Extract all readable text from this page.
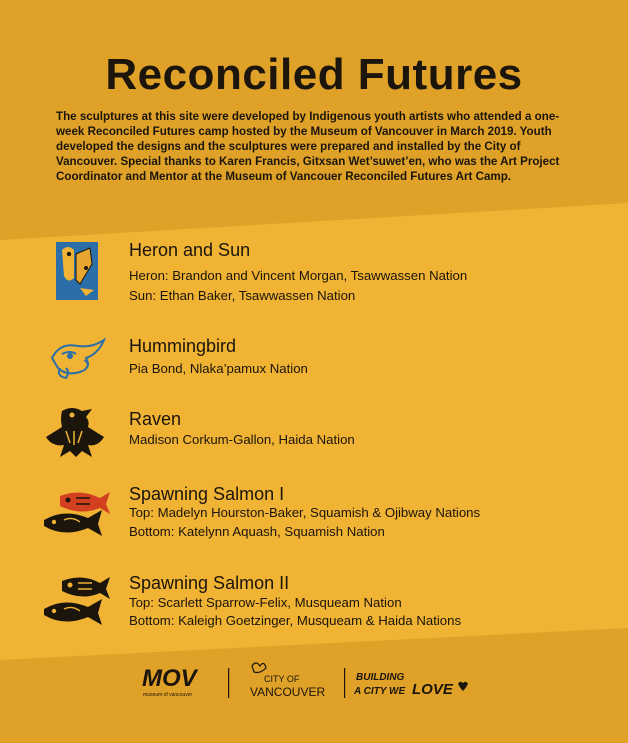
Reconciled Futures

The sculptures at this site were developed by Indigenous youth artists who attended a one-week Reconciled Futures camp hosted by the Museum of Vancouver in March 2019. Youth developed the designs and the sculptures were prepared and installed by the City of Vancouver. Special thanks to Karen Francis, Gitxsan Wet’suwet’en, who was the Art Project Coordinator and Mentor at the Museum of Vancouer Reconciled Futures Art Camp.

Heron and Sun
Heron: Brandon and Vincent Morgan, Tsawwassen Nation
Sun: Ethan Baker, Tsawwassen Nation
Hummingbird
Pia Bond, Nlaka’pamux Nation
Raven
Madison Corkum-Gallon, Haida Nation
Spawning Salmon I
Top: Madelyn Hourston-Baker, Squamish & Ojibway Nations
Bottom: Katelynn Aquash, Squamish Nation
Spawning Salmon II
Top: Scarlett Sparrow-Felix, Musqueam Nation
Bottom: Kaleigh Goetzinger, Musqueam & Haida Nations
MOV
museum of vancouver
CITY OF
VANCOUVER
BUILDING
A CITY WE LOVE
